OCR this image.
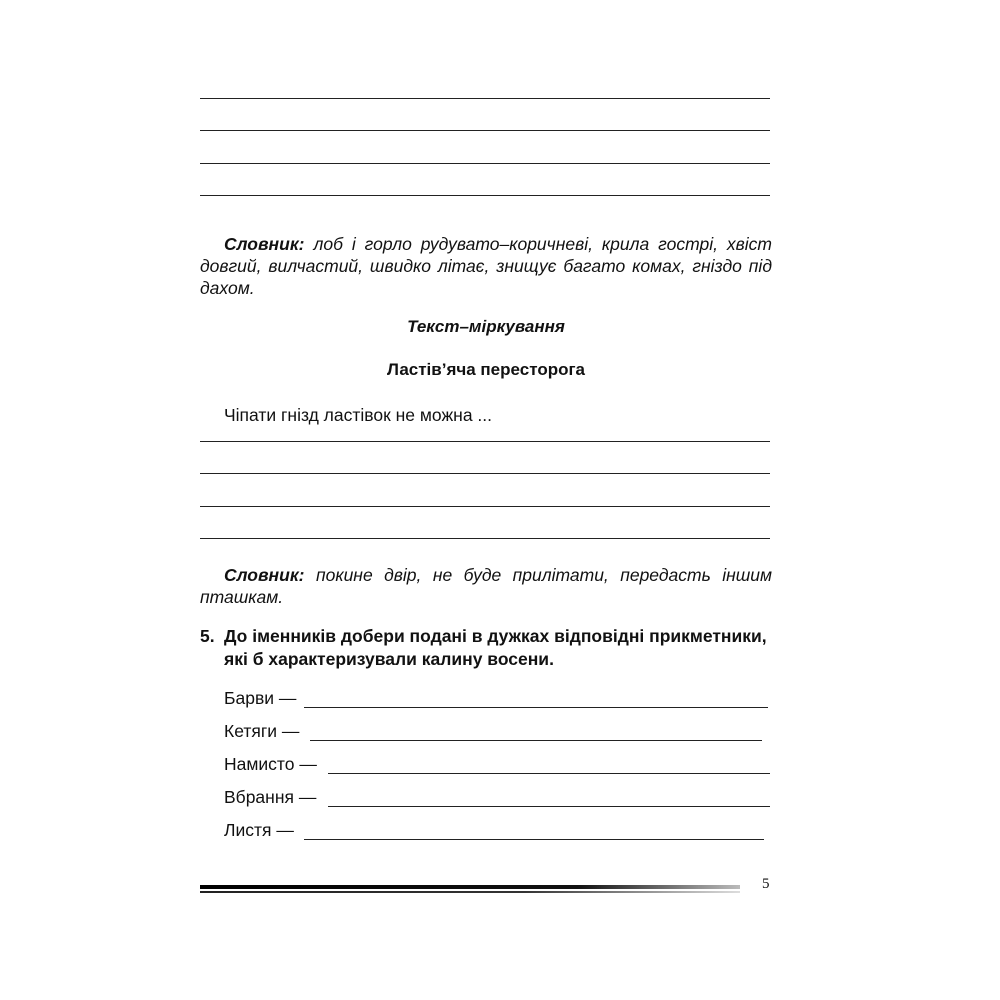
Словник: лоб і горло рудувато–коричневі, крила гострі, хвіст довгий, вилчастий, швидко літає, знищує багато комах, гніздо під дахом.
Текст–міркування
Ластів’яча пересторога
Чіпати гнізд ластівок не можна ...
Словник: покине двір, не буде прилітати, передасть іншим пташкам.
5. До іменників добери подані в дужках відповідні прикметники, які б характеризували калину восени.
Барви —
Кетяги —
Намисто —
Вбрання —
Листя —
5
